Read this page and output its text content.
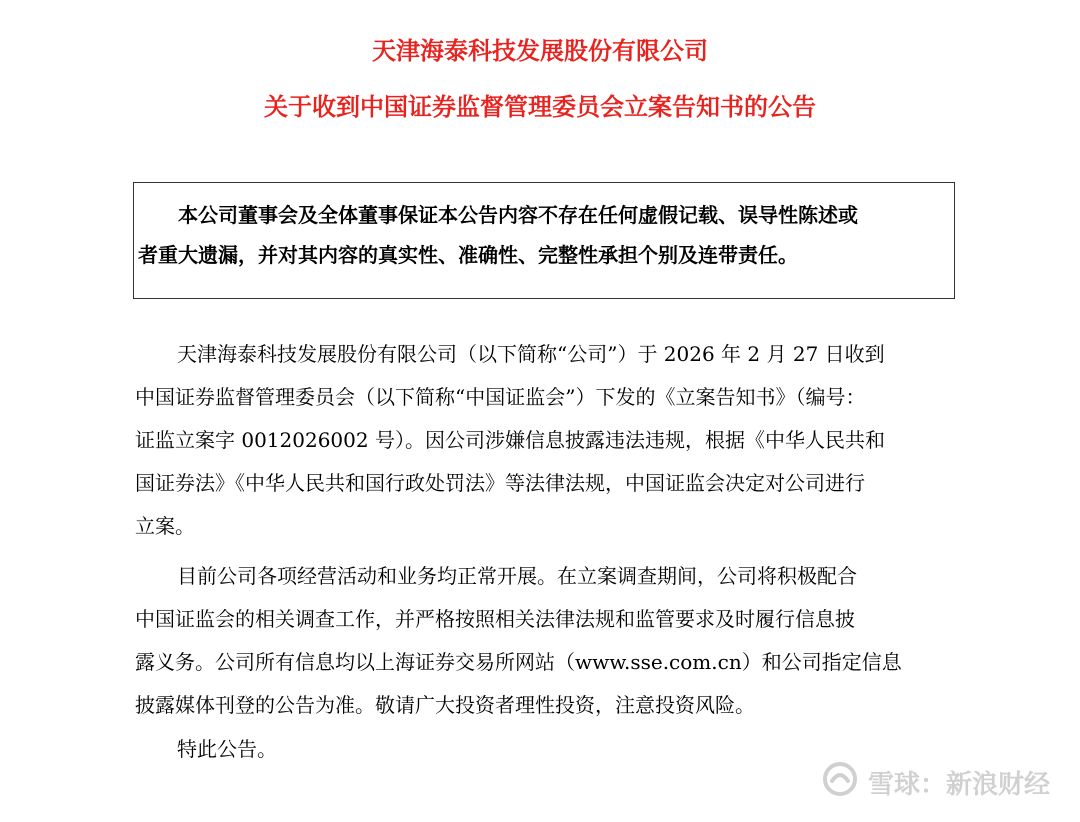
天津海泰科技发展股份有限公司
关于收到中国证券监督管理委员会立案告知书的公告

本公司董事会及全体董事保证本公告内容不存在任何虚假记载、误导性陈述或

者重大遗漏，并对其内容的真实性、准确性、完整性承担个别及连带责任。

天津海泰科技发展股份有限公司（以下简称“公司”）于 2026 年 2 月 27 日收到
中国证券监督管理委员会（以下简称“中国证监会”）下发的《立案告知书》（编号：
证监立案字 0012026002 号）。因公司涉嫌信息披露违法违规，根据《中华人民共和
国证券法》《中华人民共和国行政处罚法》等法律法规，中国证监会决定对公司进行
立案。
目前公司各项经营活动和业务均正常开展。在立案调查期间，公司将积极配合
中国证监会的相关调查工作，并严格按照相关法律法规和监管要求及时履行信息披
露义务。公司所有信息均以上海证券交易所网站（www.sse.com.cn）和公司指定信息
披露媒体刊登的公告为准。敬请广大投资者理性投资，注意投资风险。
特此公告。
雪球：新浪财经
